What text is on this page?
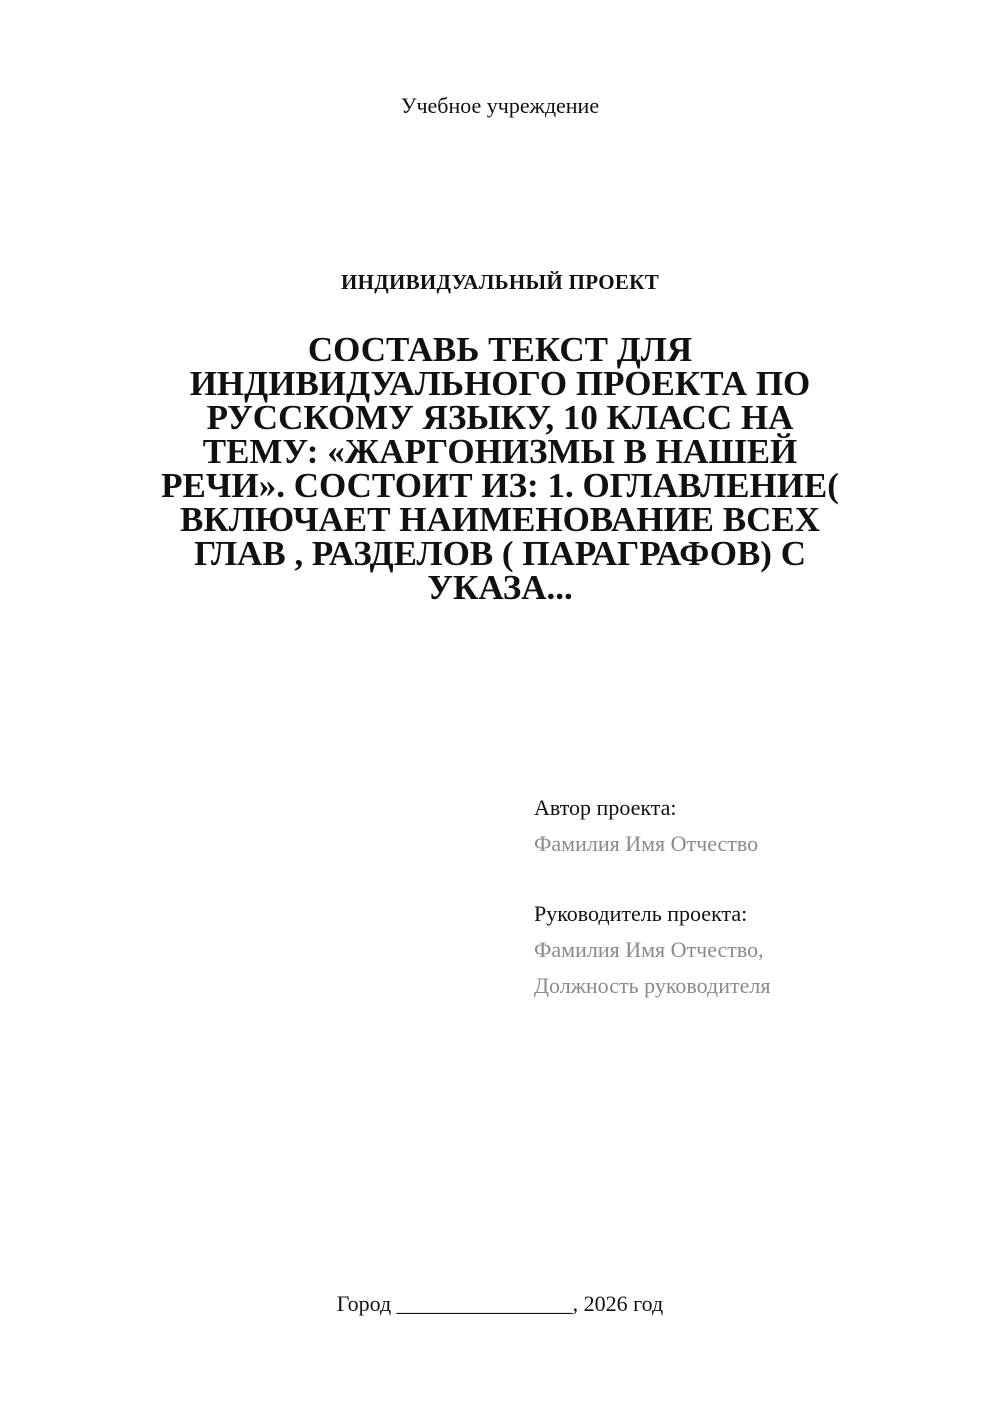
Учебное учреждение
ИНДИВИДУАЛЬНЫЙ ПРОЕКТ
СОСТАВЬ ТЕКСТ ДЛЯ ИНДИВИДУАЛЬНОГО ПРОЕКТА ПО РУССКОМУ ЯЗЫКУ, 10 КЛАСС НА ТЕМУ: «ЖАРГОНИЗМЫ В НАШЕЙ РЕЧИ». СОСТОИТ ИЗ: 1. ОГЛАВЛЕНИЕ( ВКЛЮЧАЕТ НАИМЕНОВАНИЕ ВСЕХ ГЛАВ , РАЗДЕЛОВ ( ПАРАГРАФОВ) С УКАЗА...
Автор проекта:
Фамилия Имя Отчество
Руководитель проекта:
Фамилия Имя Отчество,
Должность руководителя
Город ________________, 2026 год
